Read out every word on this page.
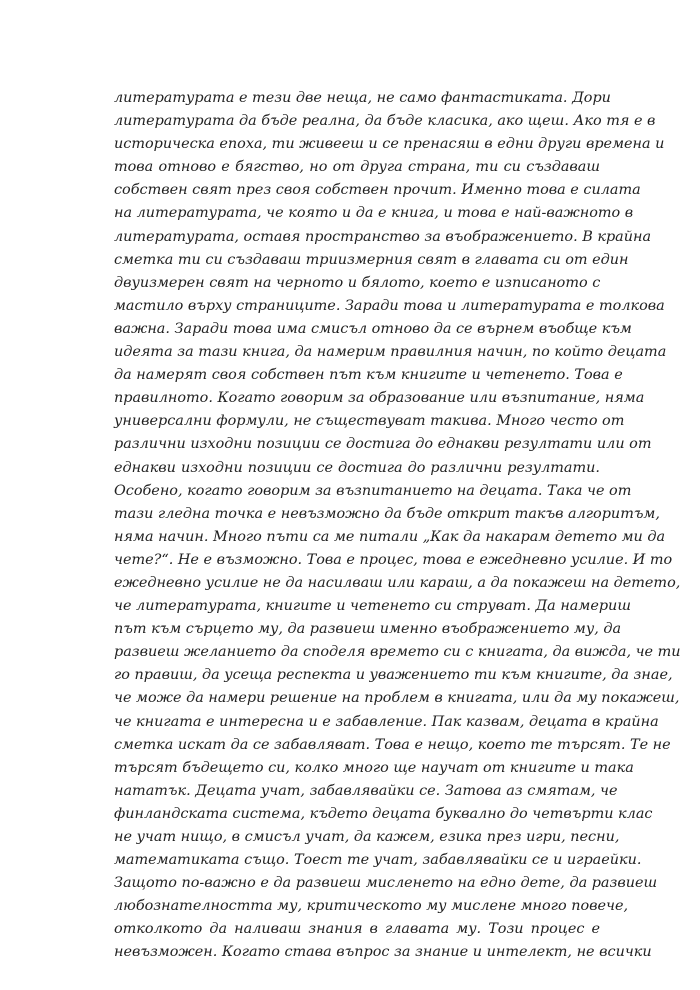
литературата е тези две неща, не само фантастиката. Дори
литературата да бъде реална, да бъде класика, ако щеш. Ако тя е в
историческа епоха, ти живееш и се пренасяш в едни други времена и
това отново е бягство, но от друга страна, ти си създаваш
собствен свят през своя собствен прочит. Именно това е силата
на литературата, че която и да е книга, и това е най-важното в
литературата, оставя пространство за въображението. В крайна
сметка ти си създаваш триизмерния свят в главата си от един
двуизмерен свят на черното и бялото, което е изписаното с
мастило върху страниците. Заради това и литературата е толкова
важна. Заради това има смисъл отново да се върнем въобще към
идеята за тази книга, да намерим правилния начин, по който децата
да намерят своя собствен път към книгите и четенето. Това е
правилното. Когато говорим за образование или възпитание, няма
универсални формули, не съществуват такива. Много често от
различни изходни позиции се достига до еднакви резултати или от
еднакви изходни позиции се достига до различни резултати.
Особено, когато говорим за възпитанието на децата. Така че от
тази гледна точка е невъзможно да бъде открит такъв алгоритъм,
няма начин. Много пъти са ме питали „Как да накарам детето ми да
чете?“. Не е възможно. Това е процес, това е ежедневно усилие. И то
ежедневно усилие не да насилваш или караш, а да покажеш на детето,
че литературата, книгите и четенето си струват. Да намериш
път към сърцето му, да развиеш именно въображението му, да
развиеш желанието да споделя времето си с книгата, да вижда, че ти
го правиш, да усеща респекта и уважението ти към книгите, да знае,
че може да намери решение на проблем в книгата, или да му покажеш,
че книгата е интересна и е забавление. Пак казвам, децата в крайна
сметка искат да се забавляват. Това е нещо, което те търсят. Те не
търсят бъдещето си, колко много ще научат от книгите и така
нататък. Децата учат, забавлявайки се. Затова аз смятам, че
финландската система, където децата буквално до четвърти клас
не учат нищо, в смисъл учат, да кажем, езика през игри, песни,
математиката също. Тоест те учат, забавлявайки се и играейки.
Защото по-важно е да развиеш мисленето на едно дете, да развиеш
любознателността му, критическото му мислене много повече,
отколкото да наливаш знания в главата му. Този процес е
невъзможен. Когато става въпрос за знание и интелект, не всички
